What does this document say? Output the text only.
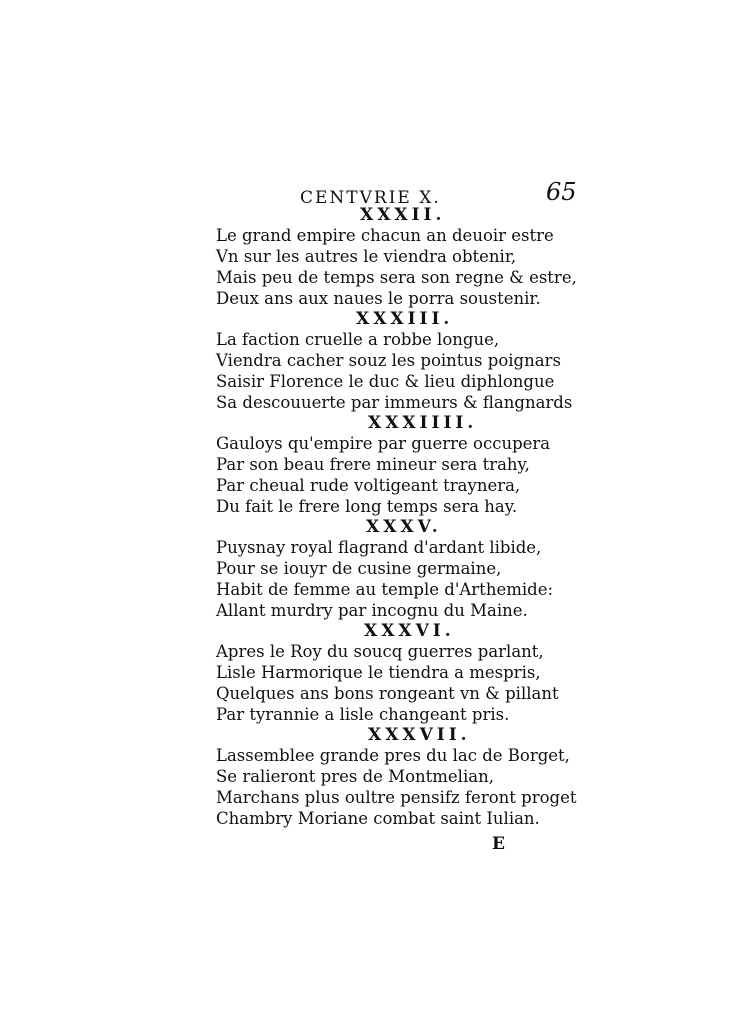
CENTVRIE X.	65
XXXII.
Le grand empire chacun an deuoir estre
Vn sur les autres le viendra obtenir,
Mais peu de temps sera son regne & estre,
Deux ans aux naues le porra soustenir.
XXXIII.
La faction cruelle a robbe longue,
Viendra cacher souz les pointus poignars
Saisir Florence le duc & lieu diphlongue
Sa descouuerte par immeurs & flangnards
XXXIIII.
Gauloys qu'empire par guerre occupera
Par son beau frere mineur sera trahy,
Par cheual rude voltigeant traynera,
Du fait le frere long temps sera hay.
XXXV.
Puysnay royal flagrand d'ardant libide,
Pour se iouyr de cusine germaine,
Habit de femme au temple d'Arthemide:
Allant murdry par incognu du Maine.
XXXVI.
Apres le Roy du soucq guerres parlant,
Lisle Harmorique le tiendra a mespris,
Quelques ans bons rongeant vn & pillant
Par tyrannie a lisle changeant pris.
XXXVII.
Lassemblee grande pres du lac de Borget,
Se ralieront pres de Montmelian,
Marchans plus oultre pensifz feront proget
Chambry Moriane combat saint Iulian.
E
